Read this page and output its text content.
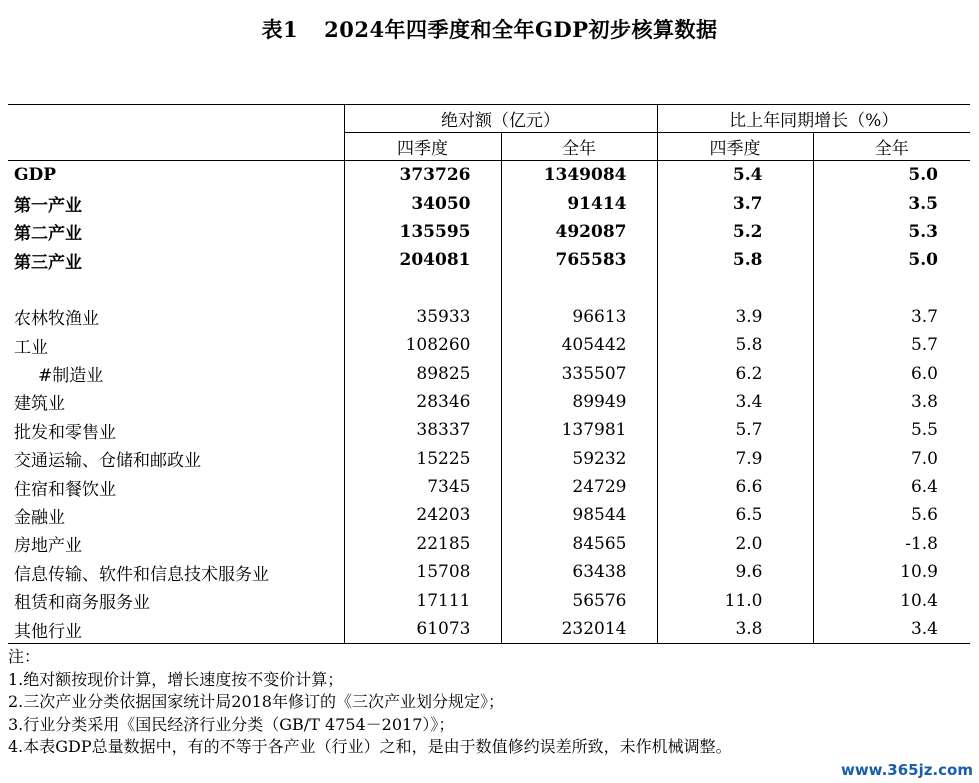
表1 2024年四季度和全年GDP初步核算数据
	绝对额（亿元）		比上年同期增长（%）	
	四季度	全年	四季度	全年
GDP	373726	1349084	5.4	5.0
第一产业	34050	91414	3.7	3.5
第二产业	135595	492087	5.2	5.3
第三产业	204081	765583	5.8	5.0

农林牧渔业	35933	96613	3.9	3.7
工业	108260	405442	5.8	5.7
#制造业	89825	335507	6.2	6.0
建筑业	28346	89949	3.4	3.8
批发和零售业	38337	137981	5.7	5.5
交通运输、仓储和邮政业	15225	59232	7.9	7.0
住宿和餐饮业	7345	24729	6.6	6.4
金融业	24203	98544	6.5	5.6
房地产业	22185	84565	2.0	-1.8
信息传输、软件和信息技术服务业	15708	63438	9.6	10.9
租赁和商务服务业	17111	56576	11.0	10.4
其他行业	61073	232014	3.8	3.4
注：
1.绝对额按现价计算，增长速度按不变价计算；
2.三次产业分类依据国家统计局2018年修订的《三次产业划分规定》；
3.行业分类采用《国民经济行业分类（GB/T 4754－2017）》；
4.本表GDP总量数据中，有的不等于各产业（行业）之和，是由于数值修约误差所致，未作机械调整。
www.365jz.com
